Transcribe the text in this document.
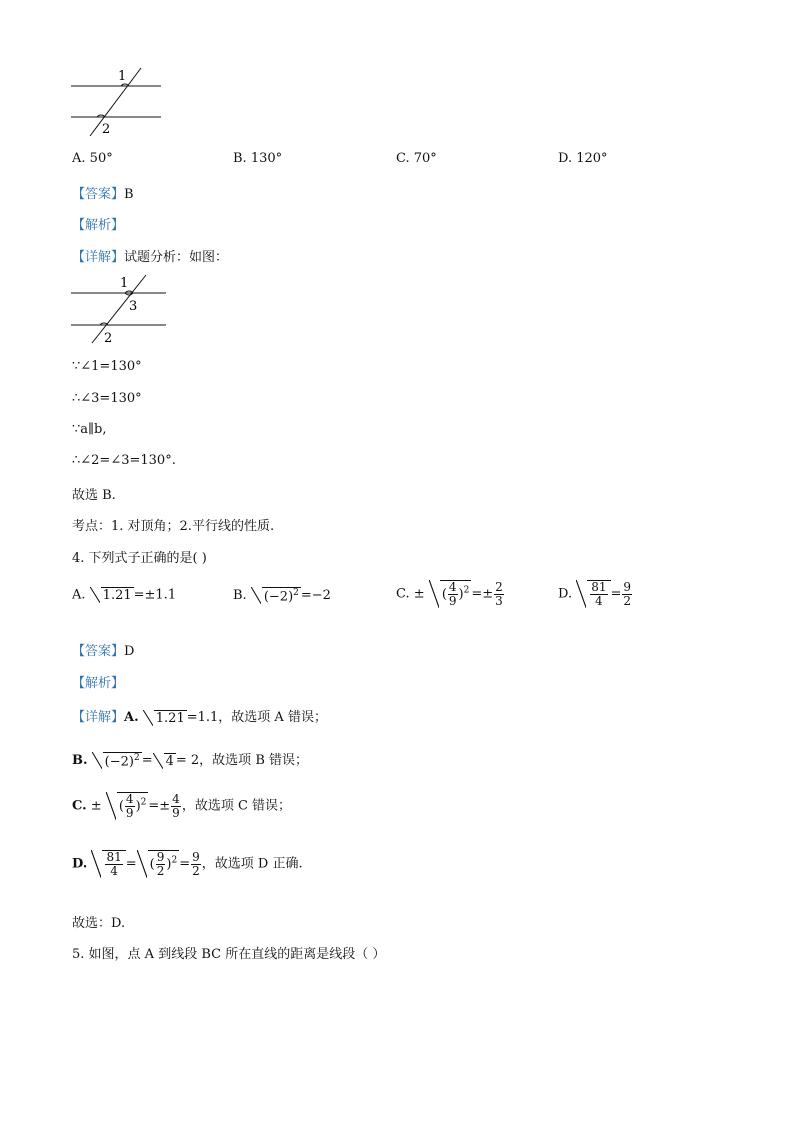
1
2
A. 50°	B. 130°	C. 70°	D. 120°
【答案】B
【解析】
【详解】试题分析：如图：
1
3
2
∵∠1=130°
∴∠3=130°
∵a∥b,
∴∠2=∠3=130°.
故选 B.
考点：1. 对顶角；2.平行线的性质.
4. 下列式子正确的是( )
A. 1.21 =±1.1	B. $(-2)^2 =-2$	C. ± ( $\frac{4}{9} )^2 =\pm \frac{2}{3}$	D. $\frac{81}{4} = \frac{9}{2}$
【答案】D
【解析】
【详解】A. 1.21 =1.1，故选项 A 错误；
B. $(-2)^2 = 4 = 2$，故选项 B 错误；
C. ± ( $\frac{4}{9} )^2 =\pm \frac{4}{9}$ ，故选项 C 错误；
D. $\frac{81}{4}$ = ( $\frac{9}{2} )^2 = \frac{9}{2}$ ，故选项 D 正确.
故选：D.
5. 如图，点 A 到线段 BC 所在直线的距离是线段（ ）
